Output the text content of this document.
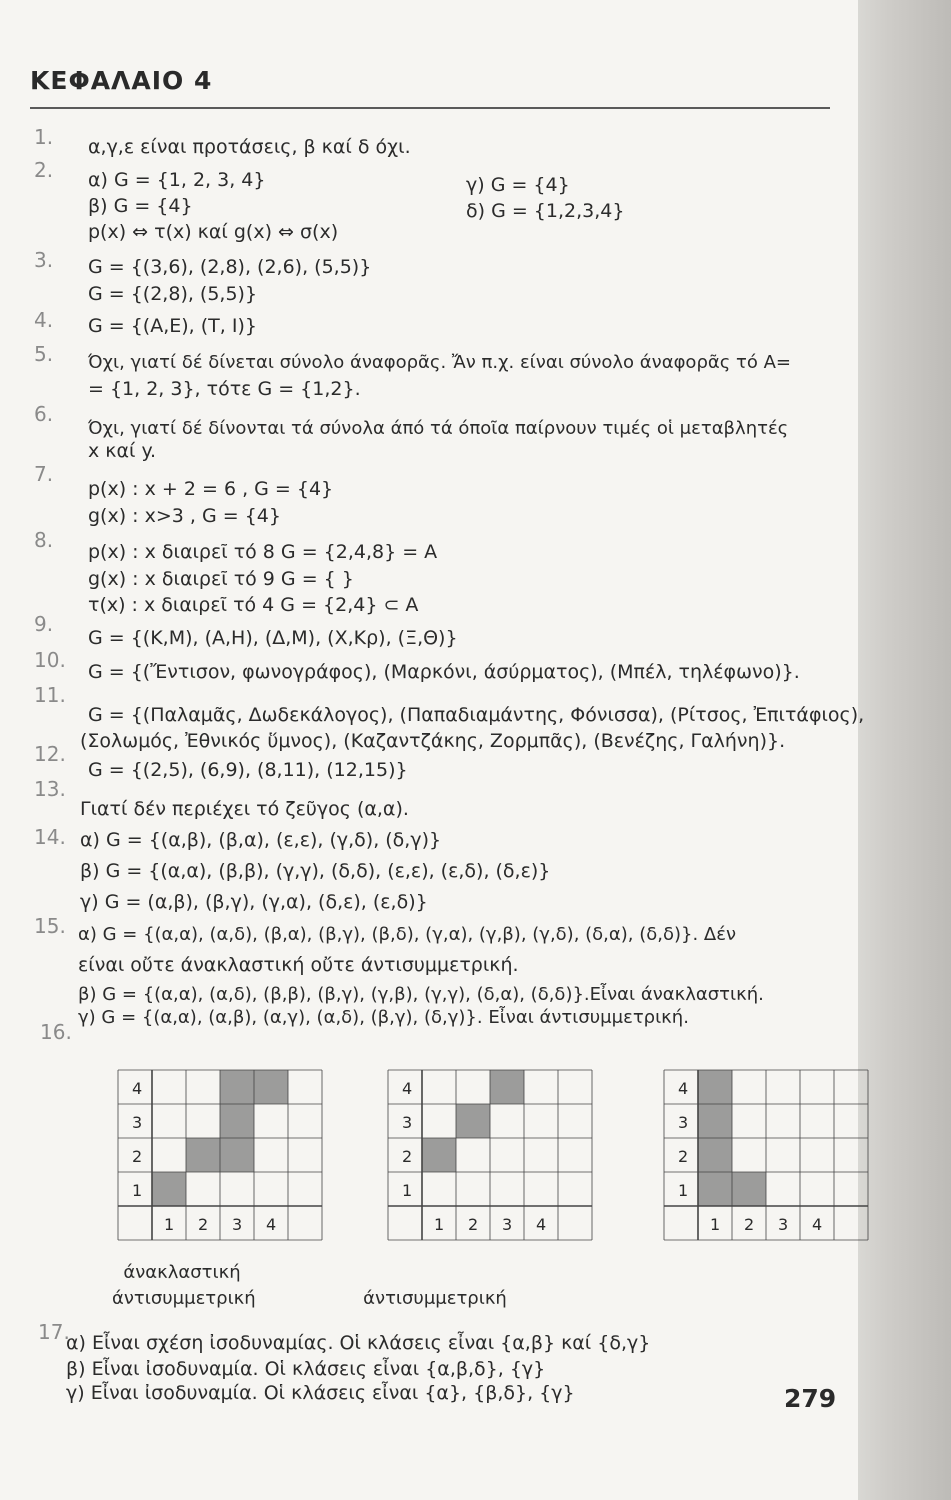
ΚΕΦΑΛΑΙΟ 4
1.	α,γ,ε είναι προτάσεις, β καί δ όχι.
2.	α) G = {1, 2, 3, 4}	γ) G = {4}
β) G = {4}	δ) G = {1,2,3,4}
p(x) ⇔ τ(x) καί g(x) ⇔ σ(x)
3.	G = {(3,6), (2,8), (2,6), (5,5)}
G = {(2,8), (5,5)}
4.	G = {(A,E), (T, I)}
5.	Όχι, γιατί δέ δίνεται σύνολο άναφορᾶς. Ἄν π.χ. είναι σύνολο άναφορᾶς τό Α=
= {1, 2, 3}, τότε G = {1,2}.
6.
Όχι, γιατί δέ δίνονται τά σύνολα άπό τά όποῖα παίρνουν τιμές οἱ μεταβλητές
x καί y.
7.
p(x) : x + 2 = 6 , G = {4}
g(x) : x>3 , G = {4}
8.	p(x) : x διαιρεῖ τό 8 G = {2,4,8} = A
g(x) : x διαιρεῖ τό 9 G = { }
τ(x) : x διαιρεῖ τό 4 G = {2,4} ⊂ A
9.
G = {(Κ,Μ), (Α,Η), (Δ,Μ), (Χ,Κρ), (Ξ,Θ)}
10. G = {(Ἔντισον, φωνογράφος), (Μαρκόνι, άσύρματος), (Μπέλ, τηλέφωνο)}.
11.
G = {(Παλαμᾶς, Δωδεκάλογος), (Παπαδιαμάντης, Φόνισσα), (Ρίτσος, Ἐπιτάφιος),
(Σολωμός, Ἐθνικός ὕμνος), (Καζαντζάκης, Ζορμπᾶς), (Βενέζης, Γαλήνη)}.
12.
G = {(2,5), (6,9), (8,11), (12,15)}
13.
Γιατί δέν περιέχει τό ζεῦγος (α,α).
14. α) G = {(α,β), (β,α), (ε,ε), (γ,δ), (δ,γ)}
β) G = {(α,α), (β,β), (γ,γ), (δ,δ), (ε,ε), (ε,δ), (δ,ε)}
γ) G = (α,β), (β,γ), (γ,α), (δ,ε), (ε,δ)}
15. α) G = {(α,α), (α,δ), (β,α), (β,γ), (β,δ), (γ,α), (γ,β), (γ,δ), (δ,α), (δ,δ)}. Δέν
είναι οὔτε άνακλαστική οὔτε άντισυμμετρική.
β) G = {(α,α), (α,δ), (β,β), (β,γ), (γ,β), (γ,γ), (δ,α), (δ,δ)}.Εἶναι άνακλαστική.
γ) G = {(α,α), (α,β), (α,γ), (α,δ), (β,γ), (δ,γ)}. Εἶναι άντισυμμετρική.
16.
4
3
2
1
1 2 3 4
4
3
2
1
1 2 3 4
4
3
2
1
1 2 3 4
άνακλαστική
άντισυμμετρική	άντισυμμετρική
17.
α) Εἶναι σχέση ἰσοδυναμίας. Οἱ κλάσεις εἶναι {α,β} καί {δ,γ}
β) Εἶναι ἰσοδυναμία. Οἱ κλάσεις εἶναι {α,β,δ}, {γ}
γ) Εἶναι ἰσοδυναμία. Οἱ κλάσεις εἶναι {α}, {β,δ}, {γ}	279
